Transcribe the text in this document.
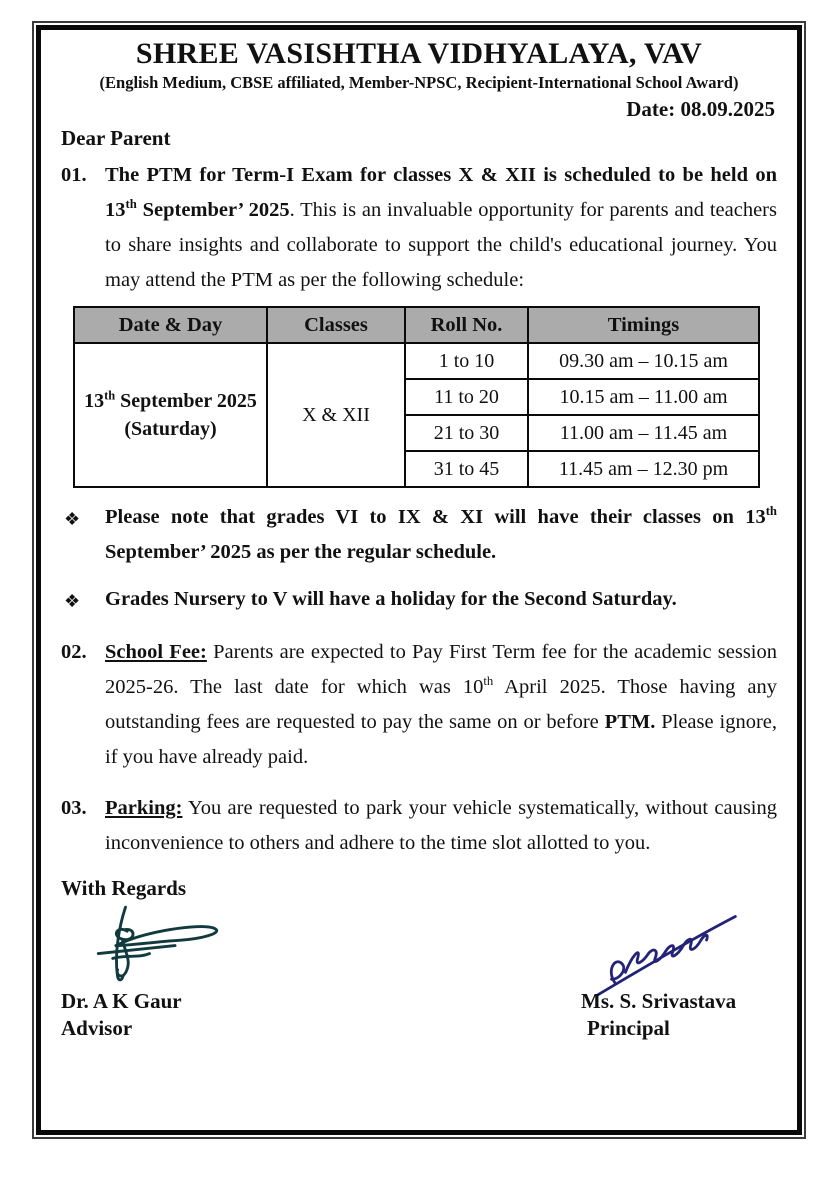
SHREE VASISHTHA VIDHYALAYA, VAV
(English Medium, CBSE affiliated, Member-NPSC, Recipient-International School Award)
Date: 08.09.2025
Dear Parent
01. The PTM for Term-I Exam for classes X & XII is scheduled to be held on 13th September’ 2025. This is an invaluable opportunity for parents and teachers to share insights and collaborate to support the child's educational journey. You may attend the PTM as per the following schedule:
Date & Day	Classes	Roll No.	Timings
13th September 2025 (Saturday)	X & XII	1 to 10	09.30 am – 10.15 am
		11 to 20	10.15 am – 11.00 am
		21 to 30	11.00 am – 11.45 am
		31 to 45	11.45 am – 12.30 pm
❖	Please note that grades VI to IX & XI will have their classes on 13th September’ 2025 as per the regular schedule.
❖	Grades Nursery to V will have a holiday for the Second Saturday.
02. School Fee: Parents are expected to Pay First Term fee for the academic session 2025-26. The last date for which was 10th April 2025. Those having any outstanding fees are requested to pay the same on or before PTM. Please ignore, if you have already paid.
03. Parking: You are requested to park your vehicle systematically, without causing inconvenience to others and adhere to the time slot allotted to you.
With Regards
Dr. A K Gaur
Advisor
Ms. S. Srivastava
Principal
